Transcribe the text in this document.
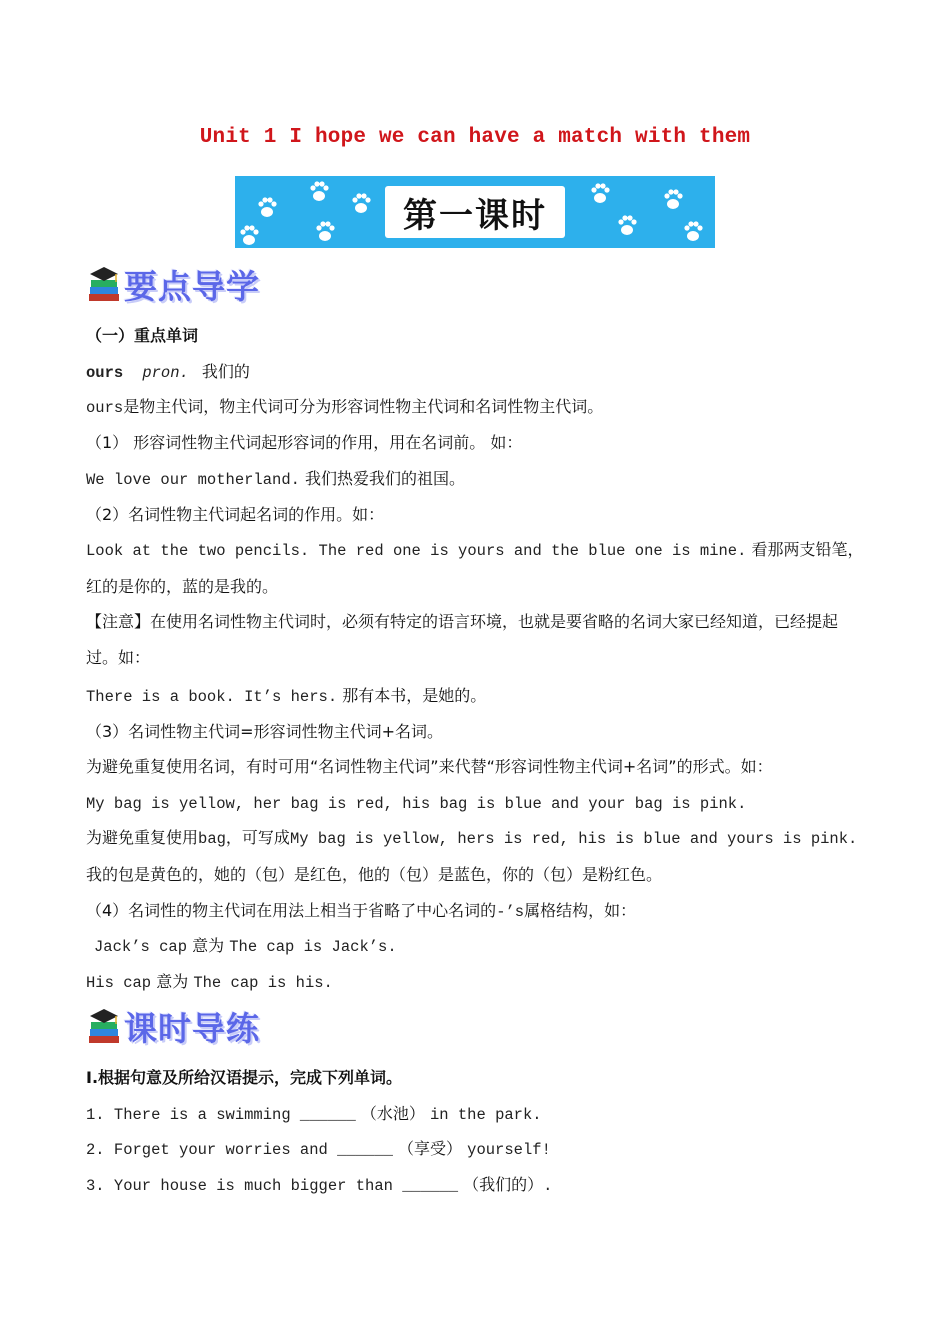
Unit 1 I hope we can have a match with them
第一课时
要点导学
（一）重点单词
ours pron. 我们的
ours是物主代词，物主代词可分为形容词性物主代词和名词性物主代词。
（1） 形容词性物主代词起形容词的作用，用在名词前。 如：
We love our motherland. 我们热爱我们的祖国。
（2）名词性物主代词起名词的作用。如：
Look at the two pencils. The red one is yours and the blue one is mine. 看那两支铅笔，红的是你的，蓝的是我的。
【注意】在使用名词性物主代词时，必须有特定的语言环境，也就是要省略的名词大家已经知道，已经提起过。如：
There is a book. It’s hers. 那有本书，是她的。
（3）名词性物主代词=形容词性物主代词+名词。
为避免重复使用名词，有时可用“名词性物主代词”来代替“形容词性物主代词+名词”的形式。如：
My bag is yellow, her bag is red, his bag is blue and your bag is pink.
为避免重复使用bag，可写成My bag is yellow, hers is red, his is blue and yours is pink. 我的包是黄色的，她的（包）是红色，他的（包）是蓝色，你的（包）是粉红色。
（4）名词性的物主代词在用法上相当于省略了中心名词的-’s属格结构，如：
Jack’s cap 意为 The cap is Jack’s.
His cap 意为 The cap is his.
课时导练
I.根据句意及所给汉语提示，完成下列单词。
1. There is a swimming ______ （水池） in the park.
2. Forget your worries and ______ （享受） yourself!
3. Your house is much bigger than ______ （我们的）.
